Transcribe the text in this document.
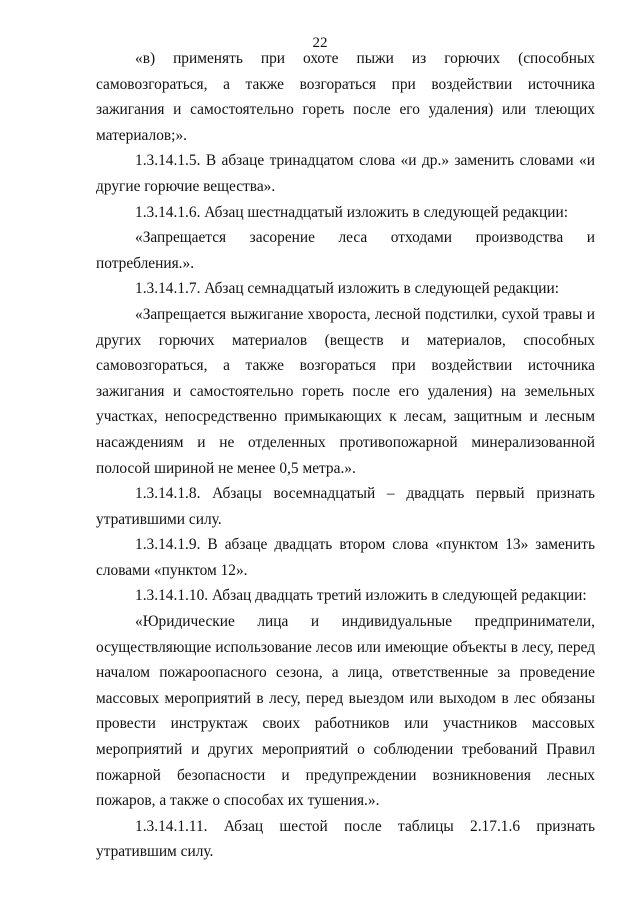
22

«в) применять при охоте пыжи из горючих (способных самовозгораться, а также возгораться при воздействии источника зажигания и самостоятельно гореть после его удаления) или тлеющих материалов;».

1.3.14.1.5. В абзаце тринадцатом слова «и др.» заменить словами «и другие горючие вещества».

1.3.14.1.6. Абзац шестнадцатый изложить в следующей редакции:

«Запрещается засорение леса отходами производства и потребления.».

1.3.14.1.7. Абзац семнадцатый изложить в следующей редакции:

«Запрещается выжигание хвороста, лесной подстилки, сухой травы и других горючих материалов (веществ и материалов, способных самовозгораться, а также возгораться при воздействии источника зажигания и самостоятельно гореть после его удаления) на земельных участках, непосредственно примыкающих к лесам, защитным и лесным насаждениям и не отделенных противопожарной минерализованной полосой шириной не менее 0,5 метра.».

1.3.14.1.8. Абзацы восемнадцатый – двадцать первый признать утратившими силу.

1.3.14.1.9. В абзаце двадцать втором слова «пунктом 13» заменить словами «пунктом 12».

1.3.14.1.10. Абзац двадцать третий изложить в следующей редакции:

«Юридические лица и индивидуальные предприниматели, осуществляющие использование лесов или имеющие объекты в лесу, перед началом пожароопасного сезона, а лица, ответственные за проведение массовых мероприятий в лесу, перед выездом или выходом в лес обязаны провести инструктаж своих работников или участников массовых мероприятий и других мероприятий о соблюдении требований Правил пожарной безопасности и предупреждении возникновения лесных пожаров, а также о способах их тушения.».

1.3.14.1.11. Абзац шестой после таблицы 2.17.1.6 признать утратившим силу.
